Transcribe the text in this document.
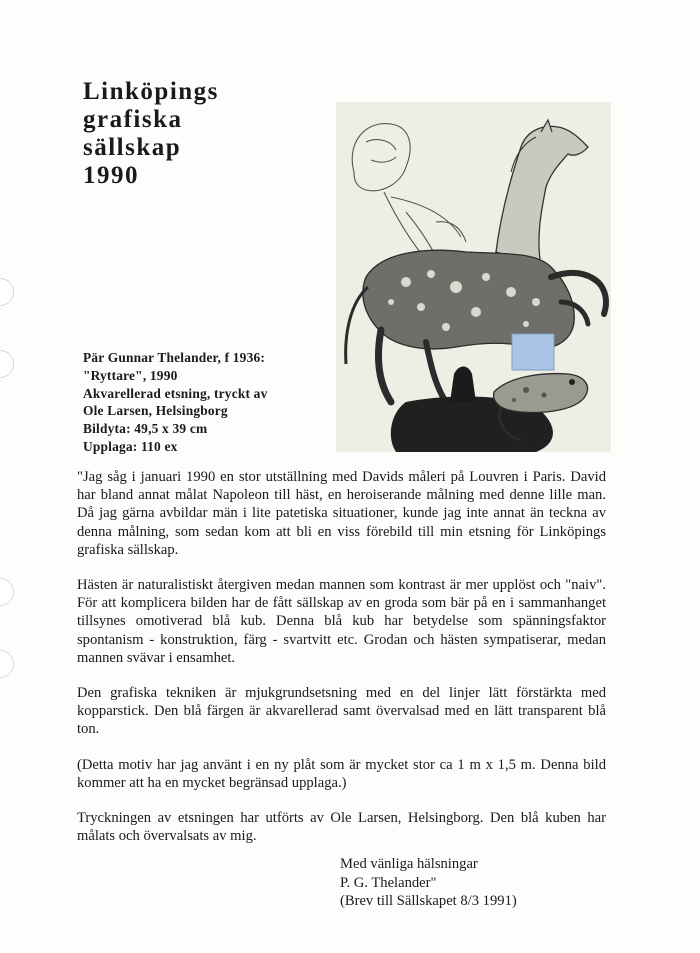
Linköpings
grafiska
sällskap
1990
Pär Gunnar Thelander, f 1936:
"Ryttare", 1990
Akvarellerad etsning, tryckt av
Ole Larsen, Helsingborg
Bildyta: 49,5 x 39 cm
Upplaga: 110 ex

"Jag såg i januari 1990 en stor utställning med Davids måleri på Louvren i Paris. David har bland annat målat Napoleon till häst, en heroiserande målning med denne lille man. Då jag gärna avbildar män i lite patetiska situationer, kunde jag inte annat än teckna av denna målning, som sedan kom att bli en viss förebild till min etsning för Linköpings grafiska sällskap.

Hästen är naturalistiskt återgiven medan mannen som kontrast är mer upplöst och "naiv". För att komplicera bilden har de fått sällskap av en groda som bär på en i sammanhanget tillsynes omotiverad blå kub. Denna blå kub har betydelse som spänningsfaktor spontanism - konstruktion, färg - svartvitt etc. Grodan och hästen sympatiserar, medan mannen svävar i ensamhet.

Den grafiska tekniken är mjukgrundsetsning med en del linjer lätt förstärkta med kopparstick. Den blå färgen är akvarellerad samt övervalsad med en lätt transparent blå ton.

(Detta motiv har jag använt i en ny plåt som är mycket stor ca 1 m x 1,5 m. Denna bild kommer att ha en mycket begränsad upplaga.)

Tryckningen av etsningen har utförts av Ole Larsen, Helsingborg. Den blå kuben har målats och övervalsats av mig.

Med vänliga hälsningar
P. G. Thelander"
(Brev till Sällskapet 8/3 1991)
